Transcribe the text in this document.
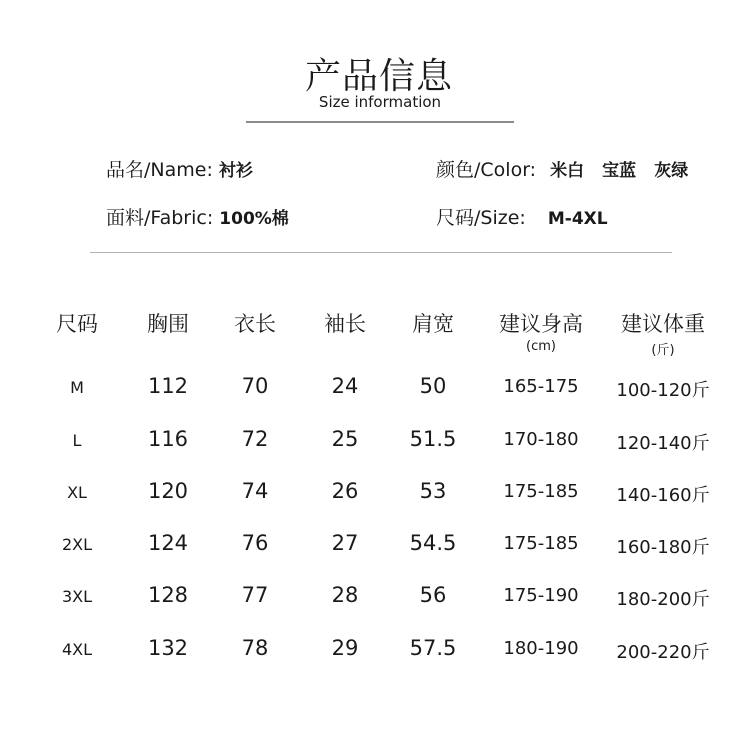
产品信息
Size information
品名/Name: 衬衫	颜色/Color: 米白 宝蓝 灰绿
面料/Fabric: 100%棉	尺码/Size: M-4XL
尺码 胸围 衣长 袖长 肩宽 建议身高 建议体重
(cm)	(斤)
M	112	70	24	50	165-175 100-120斤
L	116	72	25 51.5	170-180 120-140斤
XL	120	74	26	53	175-185 140-160斤
2XL	124	76	27 54.5	175-185 160-180斤
3XL	128	77	28	56	175-190 180-200斤
4XL	132	78	29 57.5	180-190 200-220斤
